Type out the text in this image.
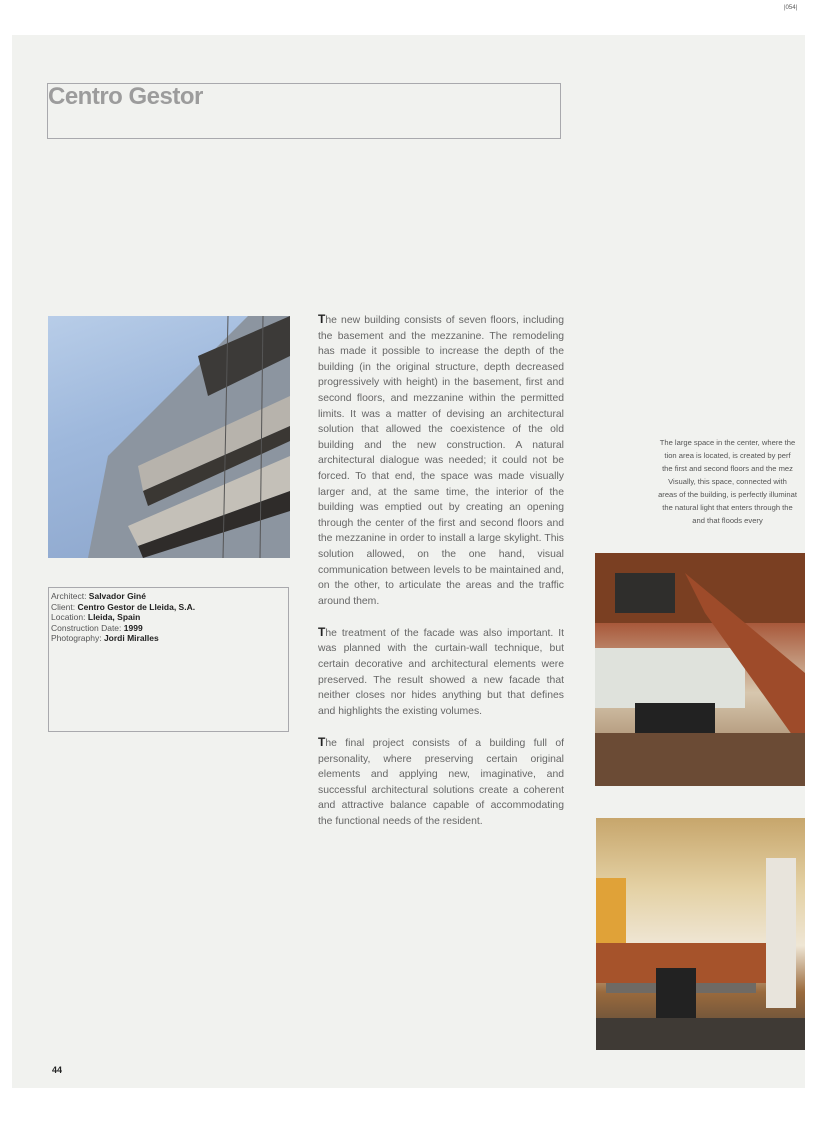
|054|
Centro Gestor
Architect: Salvador Giné
Client: Centro Gestor de Lleida, S.A.
Location: Lleida, Spain
Construction Date: 1999
Photography: Jordi Miralles

The new building consists of seven floors, including the basement and the mezzanine. The remodeling has made it possible to increase the depth of the building (in the original structure, depth decreased progressively with height) in the basement, first and second floors, and mezzanine within the permitted limits. It was a matter of devising an architectural solution that allowed the coexistence of the old building and the new construction. A natural architectural dialogue was needed; it could not be forced. To that end, the space was made visually larger and, at the same time, the interior of the building was emptied out by creating an opening through the center of the first and second floors and the mezzanine in order to install a large skylight. This solution allowed, on the one hand, visual communication between levels to be maintained and, on the other, to articulate the areas and the traffic around them.

The treatment of the facade was also important. It was planned with the curtain-wall technique, but certain decorative and architectural elements were preserved. The result showed a new facade that neither closes nor hides anything but that defines and highlights the existing volumes.

The final project consists of a building full of personality, where preserving certain original elements and applying new, imaginative, and successful architectural solutions create a coherent and attractive balance capable of accommodating the functional needs of the resident.

The large space in the center, where the
tion area is located, is created by perf
the first and second floors and the mez
Visually, this space, connected with
areas of the building, is perfectly illuminat
the natural light that enters through the
and that floods every
44
